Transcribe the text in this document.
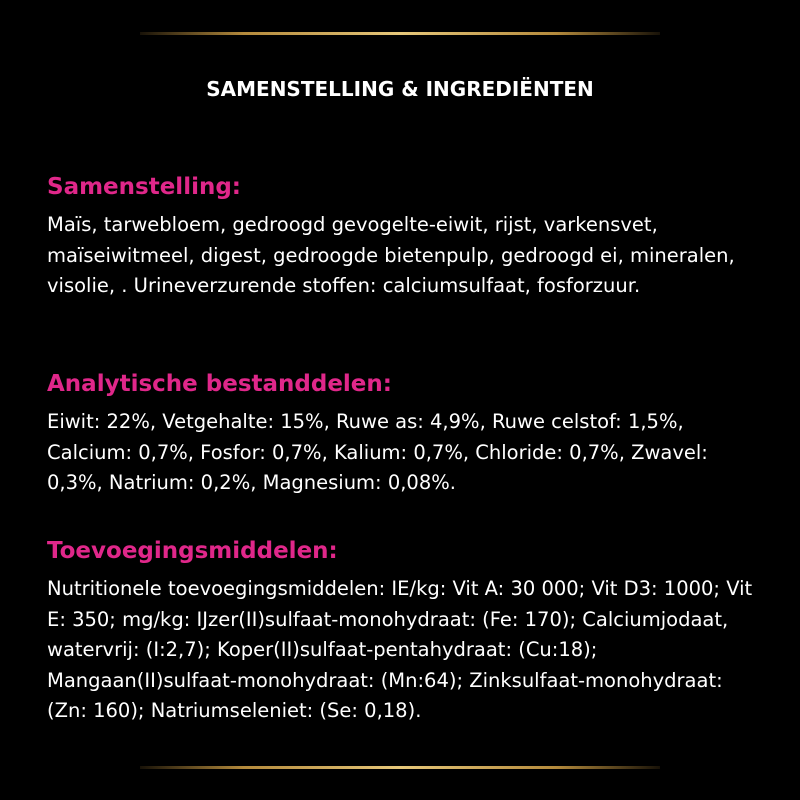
SAMENSTELLING & INGREDIËNTEN
Samenstelling:

Maïs, tarwebloem, gedroogd gevogelte-eiwit, rijst, varkensvet, maïseiwitmeel, digest, gedroogde bietenpulp, gedroogd ei, mineralen, visolie, . Urineverzurende stoffen: calciumsulfaat, fosforzuur.

Analytische bestanddelen:

Eiwit: 22%, Vetgehalte: 15%, Ruwe as: 4,9%, Ruwe celstof: 1,5%, Calcium: 0,7%, Fosfor: 0,7%, Kalium: 0,7%, Chloride: 0,7%, Zwavel: 0,3%, Natrium: 0,2%, Magnesium: 0,08%.

Toevoegingsmiddelen:

Nutritionele toevoegingsmiddelen: IE/kg: Vit A: 30 000; Vit D3: 1000; Vit E: 350; mg/kg: IJzer(II)sulfaat-monohydraat: (Fe: 170); Calciumjodaat, watervrij: (I:2,7); Koper(II)sulfaat-pentahydraat: (Cu:18); Mangaan(II)sulfaat-monohydraat: (Mn:64); Zinksulfaat-monohydraat: (Zn: 160); Natriumseleniet: (Se: 0,18).
